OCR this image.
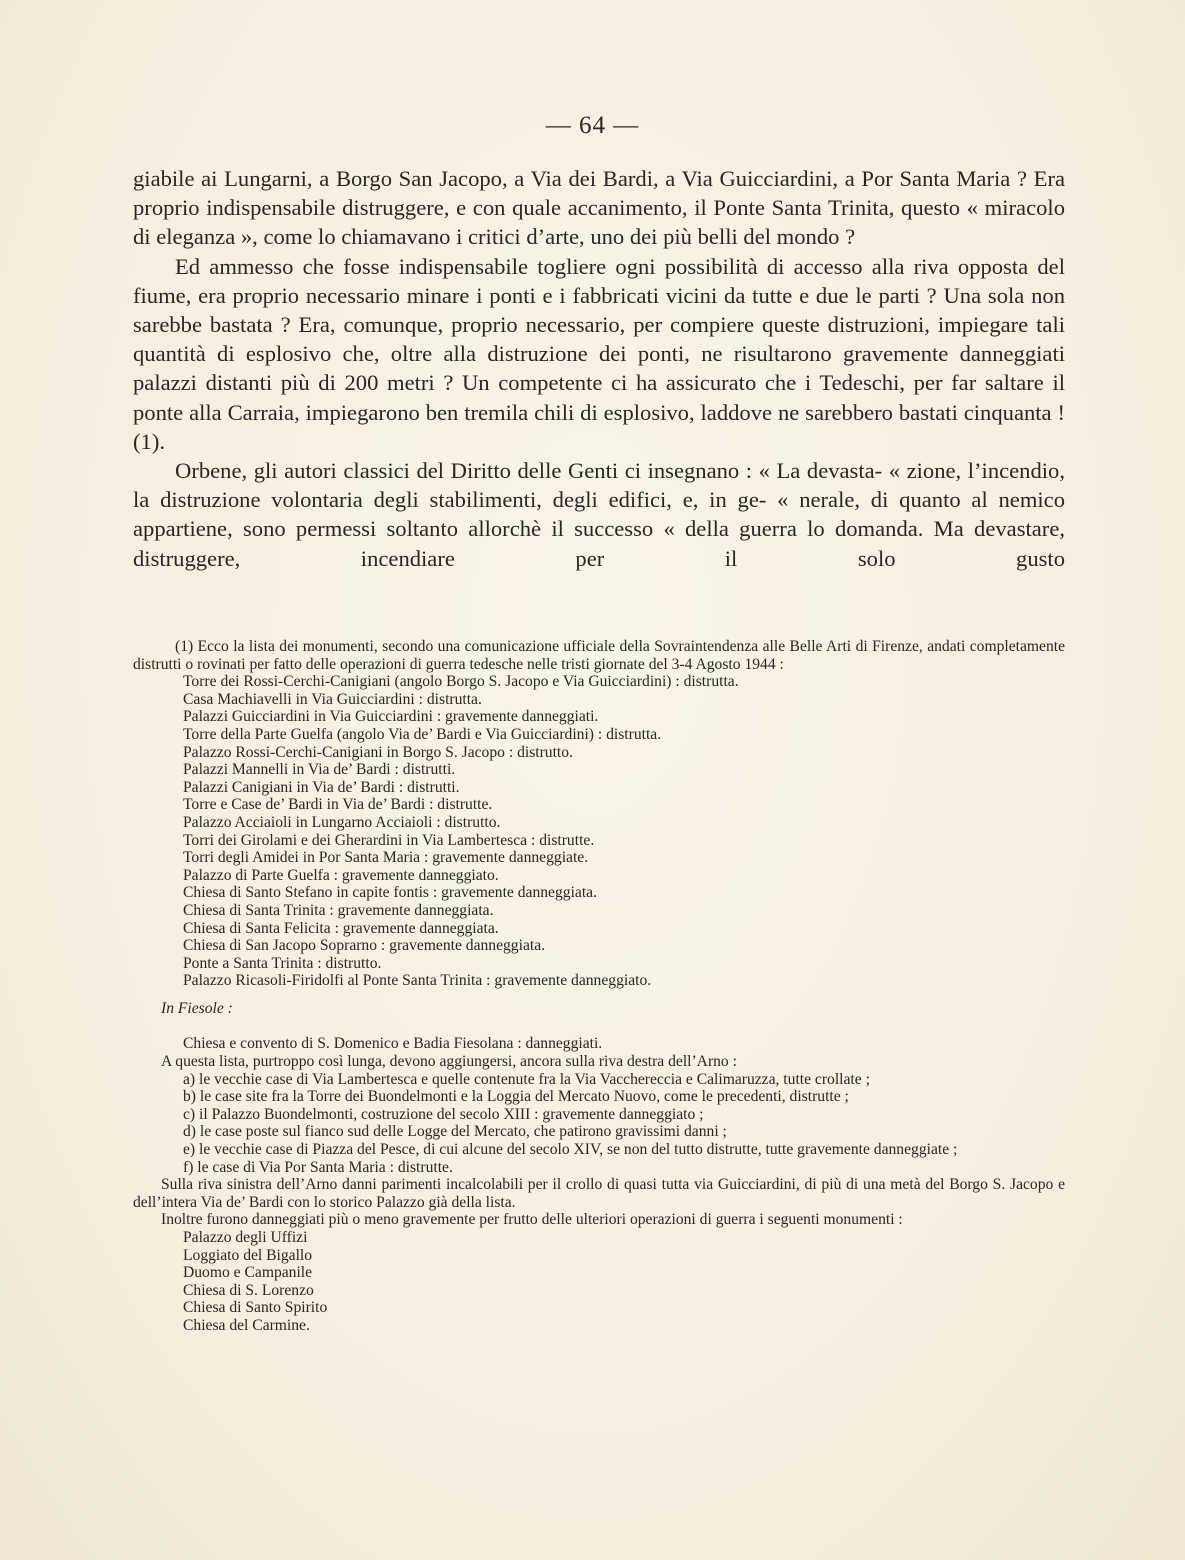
— 64 —

giabile ai Lungarni, a Borgo San Jacopo, a Via dei Bardi, a Via Guicciardini, a Por Santa Maria ? Era proprio indispensabile distruggere, e con quale accanimento, il Ponte Santa Trinita, questo « miracolo di eleganza », come lo chiamavano i critici d’arte, uno dei più belli del mondo ?

Ed ammesso che fosse indispensabile togliere ogni possibilità di accesso alla riva opposta del fiume, era proprio necessario minare i ponti e i fabbricati vicini da tutte e due le parti ? Una sola non sarebbe bastata ? Era, comunque, proprio necessario, per compiere queste distruzioni, impiegare tali quantità di esplosivo che, oltre alla distruzione dei ponti, ne risultarono gravemente danneggiati palazzi distanti più di 200 metri ? Un competente ci ha assicurato che i Tedeschi, per far saltare il ponte alla Carraia, impiegarono ben tremila chili di esplosivo, laddove ne sarebbero bastati cinquanta ! (1).

Orbene, gli autori classici del Diritto delle Genti ci insegnano : « La devasta- « zione, l’incendio, la distruzione volontaria degli stabilimenti, degli edifici, e, in ge- « nerale, di quanto al nemico appartiene, sono permessi soltanto allorchè il successo « della guerra lo domanda. Ma devastare, distruggere, incendiare per il solo gusto

(1) Ecco la lista dei monumenti, secondo una comunicazione ufficiale della Sovraintendenza alle Belle Arti di Firenze, andati completamente distrutti o rovinati per fatto delle operazioni di guerra tedesche nelle tristi giornate del 3-4 Agosto 1944 :

Torre dei Rossi-Cerchi-Canigiani (angolo Borgo S. Jacopo e Via Guicciardini) : distrutta.
Casa Machiavelli in Via Guicciardini : distrutta.
Palazzi Guicciardini in Via Guicciardini : gravemente danneggiati.
Torre della Parte Guelfa (angolo Via de’ Bardi e Via Guicciardini) : distrutta.
Palazzo Rossi-Cerchi-Canigiani in Borgo S. Jacopo : distrutto.
Palazzi Mannelli in Via de’ Bardi : distrutti.
Palazzi Canigiani in Via de’ Bardi : distrutti.
Torre e Case de’ Bardi in Via de’ Bardi : distrutte.
Palazzo Acciaioli in Lungarno Acciaioli : distrutto.
Torri dei Girolami e dei Gherardini in Via Lambertesca : distrutte.
Torri degli Amidei in Por Santa Maria : gravemente danneggiate.
Palazzo di Parte Guelfa : gravemente danneggiato.
Chiesa di Santo Stefano in capite fontis : gravemente danneggiata.
Chiesa di Santa Trinita : gravemente danneggiata.
Chiesa di Santa Felicita : gravemente danneggiata.
Chiesa di San Jacopo Soprarno : gravemente danneggiata.
Ponte a Santa Trinita : distrutto.
Palazzo Ricasoli-Firidolfi al Ponte Santa Trinita : gravemente danneggiato.

In Fiesole :

Chiesa e convento di S. Domenico e Badia Fiesolana : danneggiati.

A questa lista, purtroppo così lunga, devono aggiungersi, ancora sulla riva destra dell’Arno :

a) le vecchie case di Via Lambertesca e quelle contenute fra la Via Vacchereccia e Calimaruzza, tutte crollate ;

b) le case site fra la Torre dei Buondelmonti e la Loggia del Mercato Nuovo, come le precedenti, distrutte ;

c) il Palazzo Buondelmonti, costruzione del secolo XIII : gravemente danneggiato ;

d) le case poste sul fianco sud delle Logge del Mercato, che patirono gravissimi danni ;

e) le vecchie case di Piazza del Pesce, di cui alcune del secolo XIV, se non del tutto distrutte, tutte gravemente danneggiate ;

f) le case di Via Por Santa Maria : distrutte.

Sulla riva sinistra dell’Arno danni parimenti incalcolabili per il crollo di quasi tutta via Guicciardini, di più di una metà del Borgo S. Jacopo e dell’intera Via de’ Bardi con lo storico Palazzo già della lista.

Inoltre furono danneggiati più o meno gravemente per frutto delle ulteriori operazioni di guerra i seguenti monumenti :

Palazzo degli Uffizi
Loggiato del Bigallo
Duomo e Campanile
Chiesa di S. Lorenzo
Chiesa di Santo Spirito
Chiesa del Carmine.
